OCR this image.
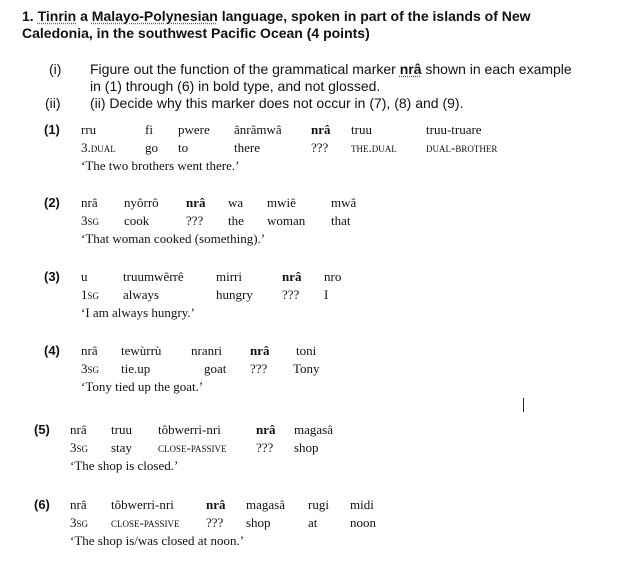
1. Tinrin a Malayo-Polynesian language, spoken in part of the islands of New
Caledonia, in the southwest Pacific Ocean (4 points)
(i) Figure out the function of the grammatical marker nrâ shown in each example
in (1) through (6) in bold type, and not glossed.
(ii) (ii) Decide why this marker does not occur in (7), (8) and (9).
(1) rru
3.dual
fi
go
pwere
to
ânrâmwâ
there
nrâ
???
truu
the.dual
truu-truare
dual-brother
‘The two brothers went there.’
(2) nrâ
3sg
nyôrrô
cook
nrâ
???
wa
the
mwiê
woman
mwâ
that
‘That woman cooked (something).’
(3) u
1sg
truumwêrrê
always
mirri
hungry
nrâ
???
nro
I
‘I am always hungry.’
(4) nrâ
3sg
tewùrrù
tie.up
nranri
goat
nrâ
???
toni
Tony
‘Tony tied up the goat.’
(5) nrâ
3sg
truu
stay
tôbwerri-nri
close-passive
nrâ
???
magasâ
shop
‘The shop is closed.’
(6) nrâ
3sg
tôbwerri-nri
close-passive
nrâ
???
magasâ
shop
rugi
at
midi
noon
‘The shop is/was closed at noon.’
